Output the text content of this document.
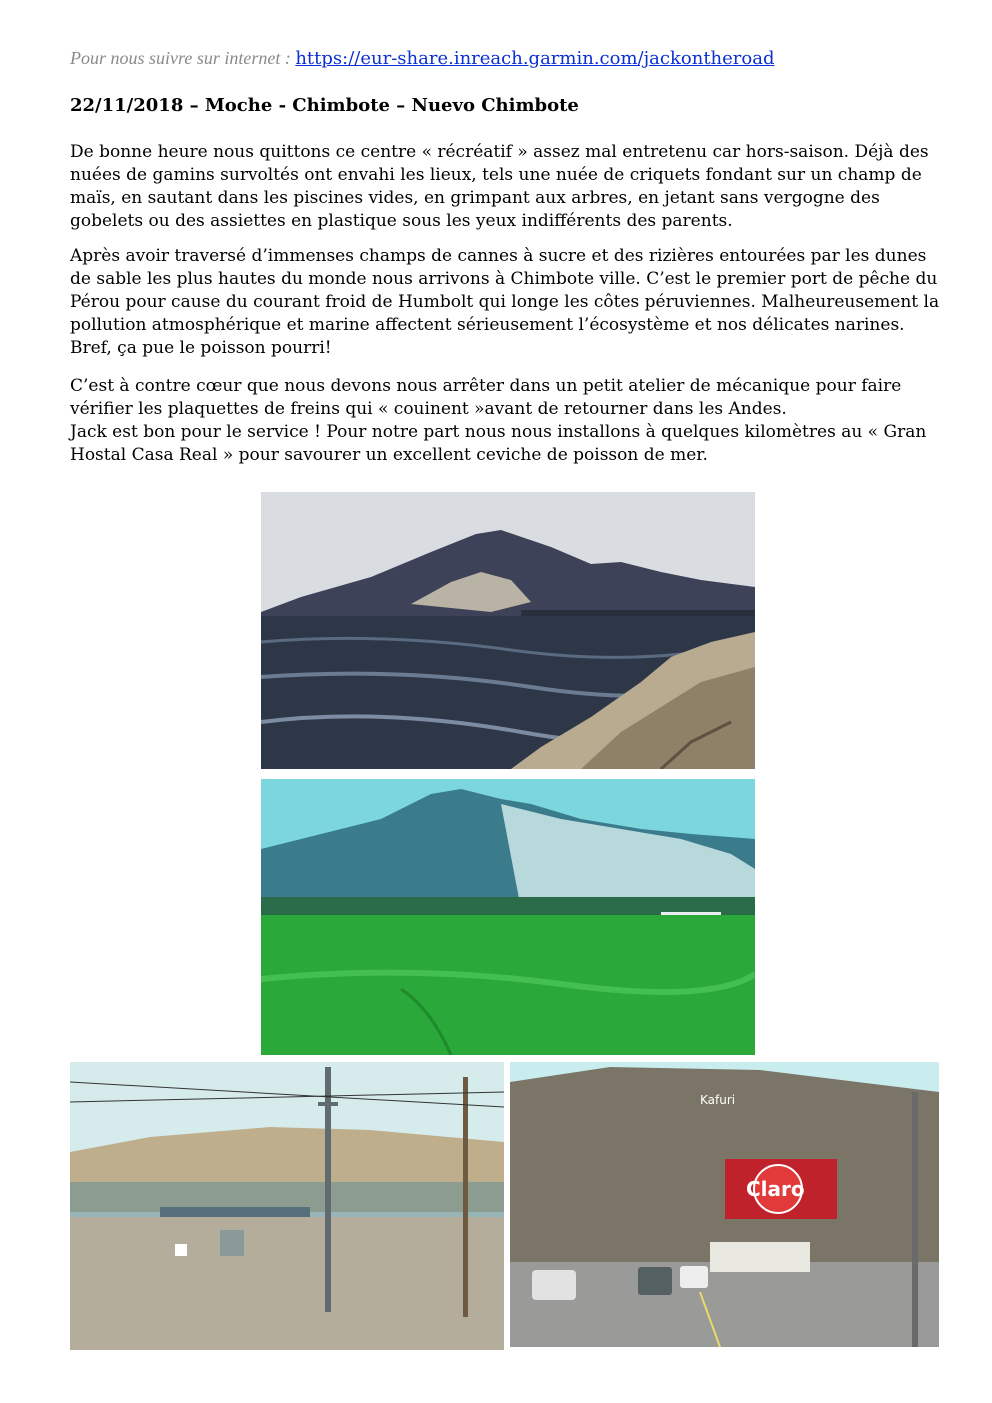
Pour nous suivre sur internet : https://eur-share.inreach.garmin.com/jackontheroad
22/11/2018 – Moche - Chimbote – Nuevo Chimbote

De bonne heure nous quittons ce centre « récréatif » assez mal entretenu car hors-saison. Déjà des nuées de gamins survoltés ont envahi les lieux, tels une nuée de criquets fondant sur un champ de maïs, en sautant dans les piscines vides, en grimpant aux arbres, en jetant sans vergogne des gobelets ou des assiettes en plastique sous les yeux indifférents des parents.

Après avoir traversé d’immenses champs de cannes à sucre et des rizières entourées par les dunes de sable les plus hautes du monde nous arrivons à Chimbote ville. C’est le premier port de pêche du Pérou pour cause du courant froid de Humbolt qui longe les côtes péruviennes. Malheureusement la pollution atmosphérique et marine affectent sérieusement l’écosystème et nos délicates narines. Bref, ça pue le poisson pourri!

C’est à contre cœur que nous devons nous arrêter dans un petit atelier de mécanique pour faire vérifier les plaquettes de freins qui « couinent »avant de retourner dans les Andes.

Jack est bon pour le service ! Pour notre part nous nous installons à quelques kilomètres au « Gran Hostal Casa Real » pour savourer un excellent ceviche de poisson de mer.

Kafuri
Claro
